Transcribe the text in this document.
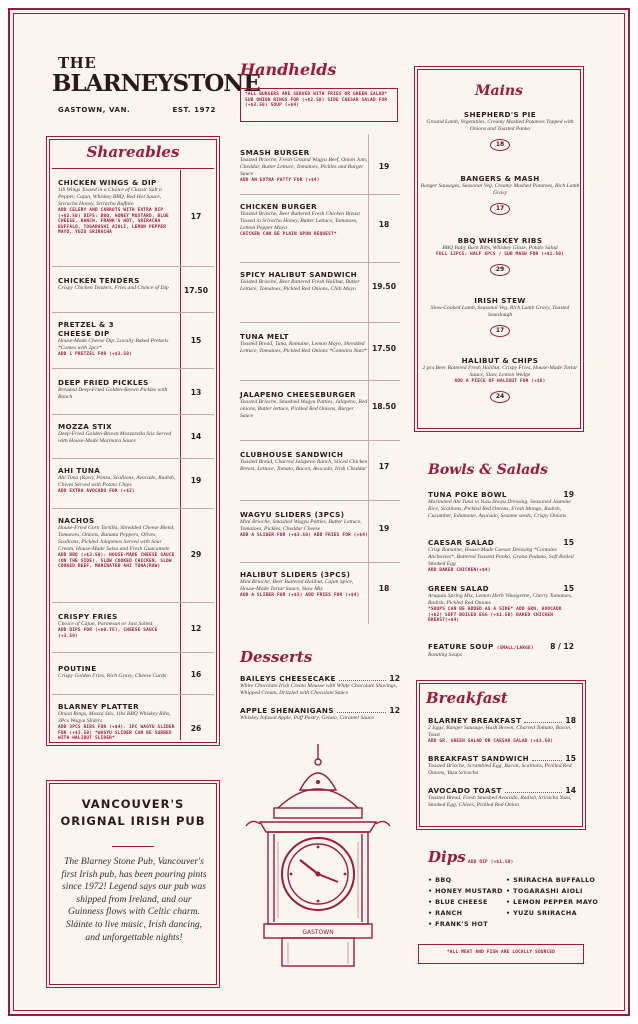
THE
BLARNEYSTONE
GASTOWN, VAN.	EST. 1972
Shareables
CHICKEN WINGS & DIP
1lb Wings Tossed in a Choice of Classic Salt n Pepper, Cajun, Whiskey BBQ, Red Hot Sauce, Sriracha Honey, Sriracha Buffalo
ADD CELERY AND CARROTS WITH EXTRA DIP (+$2.50) DIPS: BBQ, HONEY MUSTARD, BLUE CHEESE, RANCH, FRANK'S HOT, SRIRACHA BUFFALO, TOGARASHI AIOLI, LEMON PEPPER MAYO, YUZU SRIRACHA
17
CHICKEN TENDERS
Crispy Chicken Tenders, Fries and Choice of Dip	17.50
PRETZEL & 3 CHEESE DIP
House-Made Cheese Dip, Locally Baked Pretzels *Comes with 2pcs*
ADD 1 PRETZEL FOR (+$3.50)
15
DEEP FRIED PICKLES
Breaded Deep-Fried Golden-Brown Pickles with Ranch	13
MOZZA STIX
Deep-Fried Golden-Brown Mozzarella Stix Served with House-Made Marinara Sauce	14
AHI TUNA
Ahi Tuna (Raw), Ponzu, Scallions, Avocado, Radish, Chives Served with Potato Chips
ADD EXTRA AVOCADO FOR (+$2)
19
NACHOS
House-Fried Corn Tortilla, Shredded Cheese Blend, Tomatoes, Onions, Banana Peppers, Olives, Scallions, Pickled Jalapenos Served with Sour Cream, House-Made Salsa and Fresh Guacamole
ADD BBQ (+$3.50): HOUSE-MADE CHEESE SAUCE (ON THE SIDE), SLOW COOKED CHICKEN, SLOW COOKED BEEF, MARINATED AHI TUNA(RAW)
29
CRISPY FRIES
Choice of Cajun, Parmesan or Just Salted
ADD DIPS FOR (+$0.75), CHEESE SAUCE (+3.50)
12
POUTINE
Crispy Golden Fries, Rich Gravy, Cheese Curds	16
BLARNEY PLATTER
Onion Rings, Mozza Stix, 1lbs BBQ Whiskey Ribs, 3Pcs Wagyu Sliders
ADD 3PCS RIBS FOR (+$4). 1PC WAGYU SLIDER FOR (+$3.50) *WAGYU SLIDER CAN BE SUBBED WITH HALIBUT SLIDER*
26
VANCOUVER'S ORIGNAL IRISH PUB
The Blarney Stone Pub, Vancouver's first Irish pub, has been pouring pints since 1972! Legend says our pub was shipped from Ireland, and our Guinness flows with Celtic charm. Sláinte to live music, Irish dancing, and unforgettable nights!
Handhelds
*ALL BURGERS ARE SERVED WITH FRIES OR GREEN SALAD* SUB ONION RINGS FOR (+$2.50) SIDE CAESAR SALAD FOR (+$3.50) SOUP (+$4)
SMASH BURGER
Toasted Brioche, Fresh Ground Wagyu Beef, Onion Jam, Cheddar, Butter Lettuce, Tomatoes, Pickles and Burger Sauce
ADD AN EXTRA PATTY FOR (+$4)
19
CHICKEN BURGER
Toasted Brioche, Beer Battered Fresh Chicken Breast Tossed in Sriracha Honey, Butter Lettuce, Tomatoes, Lemon Pepper Mayo
CHICKEN CAN BE PLAIN UPON REQUEST*
18
SPICY HALIBUT SANDWICH
Toasted Brioche, Beer Battered Fresh Halibut, Butter Lettuce, Tomatoes, Pickled Red Onions, Chili Mayo	19.50
TUNA MELT
Toasted Bread, Tuna, Romaine, Lemon Mayo, Shredded Lettuce, Tomatoes, Pickled Red Onions *Contains Nuts* 17.50
JALAPENO CHEESEBURGER
Toasted Brioche, Smashed Wagyu Patties, Jalapeno, Red onions, Butter lettuce, Pickled Red Onions, Burger Sauce
18.50
CLUBHOUSE SANDWICH
Toasted Bread, Charred Jalapeno Ranch, Sliced Chicken Breast, Lettuce, Tomato, Bacon, Avocado, Irish Cheddar	17
WAGYU SLIDERS (3PCS)
Mini Brioche, Smashed Wagyu Patties, Butter Lettuce, Tomatoes, Pickles, Cheddar Cheese
ADD A SLIDER FOR (+$3.50) ADD FRIES FOR (+$4)
19
HALIBUT SLIDERS (3PCS)
Mini Brioche, Beer Battered Halibut, Cajun Spice, House-Made Tartar Sauce, Slaw Mix
ADD A SLIDER FOR (+$3) ADD FRIES FOR (+$4)
18
Desserts
BAILEYS CHEESECAKE	12
White Chocolate Irish Cream Mousse with White Chocolate Shavings, Whipped Cream, Drizzled with Chocolate Sauce
APPLE SHENANIGANS	12
Whiskey Infused Apple, Puff Pastry, Gelato, Caramel Sauce
GASTOWN
Mains
SHEPHERD'S PIE
Ground Lamb, Vegetables, Creamy Mashed Potatoes Topped with Onions and Toasted Panko
18
BANGERS & MASH
Banger Sausages, Seasonal Veg, Creamy Mashed Potatoes, Rich Lamb Gravy
17
BBQ WHISKEY RIBS
BBQ Baby Back Ribs, Whiskey Glaze, Potato Salad
FULL 12PCS: HALF 6PCS / SUB MASH FOR (+$1.50)
29
IRISH STEW
Slow-Cooked Lamb, Seasonal Veg, Rich Lamb Gravy, Toasted Sourdough
17
HALIBUT & CHIPS
2 pcs Beer Battered Fresh Halibut, Crispy Fries, House-Made Tartar Sauce, Slaw, Lemon Wedge
ADD A PIECE OF HALIBUT FOR (+$8)
24
Bowls & Salads
TUNA POKE BOWL	19
Marinated Ahi Tuna in Yuzu Shoyu Dressing, Seasoned Jasmine Rice, Scallions, Pickled Red Onions, Fresh Mango, Radish, Cucumber, Edamame, Avocado, Sesame seeds, Crispy Onions
CAESAR SALAD	15
Crisp Romaine, House-Made Caesar Dressing *Contains Anchovies*, Buttered Toasted Panko, Grana Padano, Soft Boiled Smoked Egg
ADD BAKED CHICKEN(+$4)
GREEN SALAD	15
Arugula Spring Mix, Lemon Herb Vinaigrette, Cherry Tomatoes, Radish, Pickled Red Onions
*SOUPS CAN BE ADDED AS A SIDE* ADD GRN. AVOCADO (+$2) SOFT BOILED EGG (+$1.50) BAKED CHICKEN BREAST(+$4)
FEATURE SOUP (SMALL/LARGE) 8 / 12
Rotating Soups
Breakfast
BLARNEY BREAKFAST	18
2 Eggs, Banger Sausage, Hash Brown, Charred Tomato, Bacon, Toast
ADD GR. GREEN SALAD OR CAESAR SALAD (+$3.50)
BREAKFAST SANDWICH	15
Toasted Brioche, Scrambled Egg, Bacon, Scallions, Pickled Red Onions, Yuzu Sriracha
AVOCADO TOAST	14
Toasted Bread, Fresh Smashed Avocado, Radish, Sriracha Yuzu, Smoked Egg, Chives, Pickled Red Onion
Dips ADD DIP (+$1.50)
• BBQ
• HONEY MUSTARD
• BLUE CHEESE
• RANCH
• FRANK'S HOT
• SRIRACHA BUFFALLO
• TOGARASHI AIOLI
• LEMON PEPPER MAYO
• YUZU SRIRACHA
*ALL MEAT AND FISH ARE LOCALLY SOURCED
